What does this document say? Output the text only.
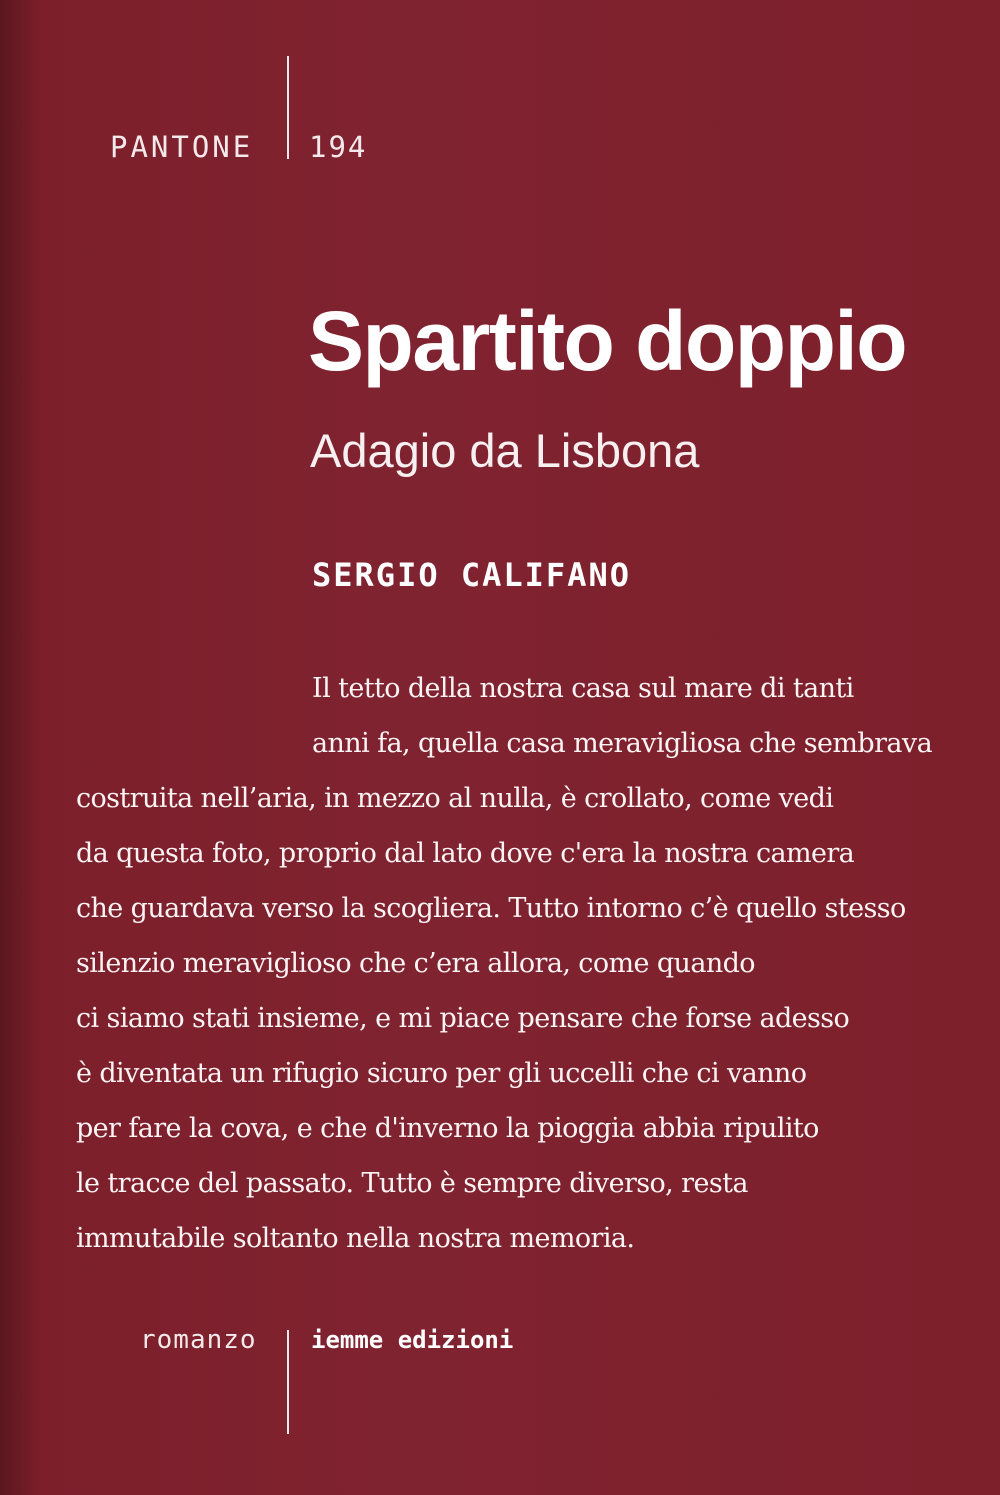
PANTONE 194
Spartito doppio
Adagio da Lisbona
SERGIO CALIFANO
Il tetto della nostra casa sul mare di tanti
anni fa, quella casa meravigliosa che sembrava
costruita nell’aria, in mezzo al nulla, è crollato, come vedi
da questa foto, proprio dal lato dove c'era la nostra camera
che guardava verso la scogliera. Tutto intorno c’è quello stesso
silenzio meraviglioso che c’era allora, come quando
ci siamo stati insieme, e mi piace pensare che forse adesso
è diventata un rifugio sicuro per gli uccelli che ci vanno
per fare la cova, e che d'inverno la pioggia abbia ripulito
le tracce del passato. Tutto è sempre diverso, resta
immutabile soltanto nella nostra memoria.
romanzo iemme edizioni
